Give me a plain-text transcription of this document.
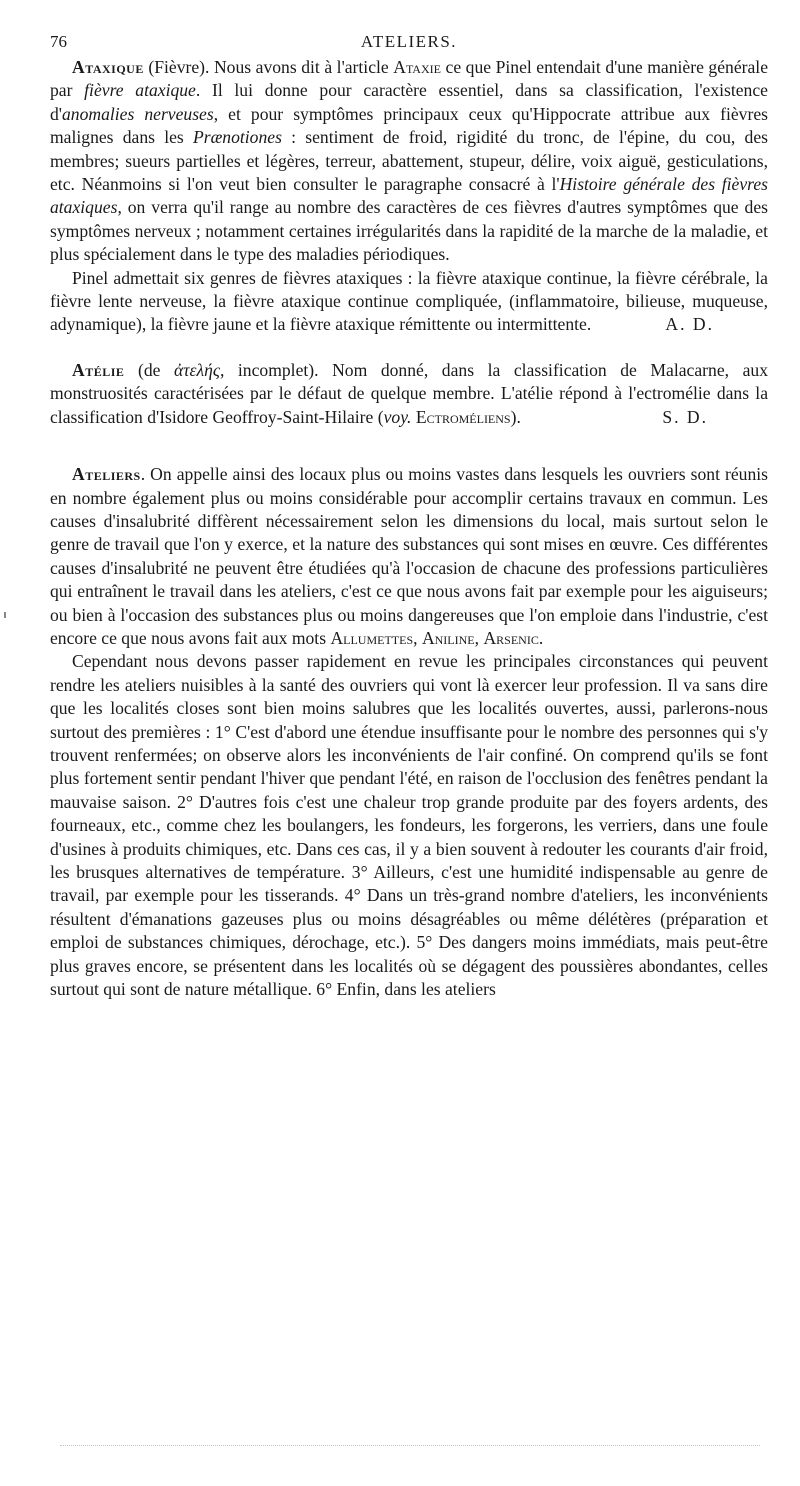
76	ATELIERS.

Ataxique (Fièvre). Nous avons dit à l'article Ataxie ce que Pinel entendait d'une manière générale par fièvre ataxique. Il lui donne pour caractère essentiel, dans sa classification, l'existence d'anomalies nerveuses, et pour symptômes principaux ceux qu'Hippocrate attribue aux fièvres malignes dans les Prænotiones : sentiment de froid, rigidité du tronc, de l'épine, du cou, des membres; sueurs partielles et légères, terreur, abattement, stupeur, délire, voix aiguë, gesticulations, etc. Néanmoins si l'on veut bien consulter le paragraphe consacré à l'Histoire générale des fièvres ataxiques, on verra qu'il range au nombre des caractères de ces fièvres d'autres symptômes que des symptômes nerveux ; notamment certaines irrégularités dans la rapidité de la marche de la maladie, et plus spécialement dans le type des maladies périodiques.

Pinel admettait six genres de fièvres ataxiques : la fièvre ataxique continue, la fièvre cérébrale, la fièvre lente nerveuse, la fièvre ataxique continue compliquée, (inflammatoire, bilieuse, muqueuse, adynamique), la fièvre jaune et la fièvre ataxique rémittente ou intermittente.	A. D.

Atélie (de ἀτελής, incomplet). Nom donné, dans la classification de Malacarne, aux monstruosités caractérisées par le défaut de quelque membre. L'atélie répond à l'ectromélie dans la classification d'Isidore Geoffroy-Saint-Hilaire (voy. Ectroméliens).	S. D.

Ateliers. On appelle ainsi des locaux plus ou moins vastes dans lesquels les ouvriers sont réunis en nombre également plus ou moins considérable pour accomplir certains travaux en commun. Les causes d'insalubrité diffèrent nécessairement selon les dimensions du local, mais surtout selon le genre de travail que l'on y exerce, et la nature des substances qui sont mises en œuvre. Ces différentes causes d'insalubrité ne peuvent être étudiées qu'à l'occasion de chacune des professions particulières qui entraînent le travail dans les ateliers, c'est ce que nous avons fait par exemple pour les aiguiseurs; ou bien à l'occasion des substances plus ou moins dangereuses que l'on emploie dans l'industrie, c'est encore ce que nous avons fait aux mots Allumettes, Aniline, Arsenic.

Cependant nous devons passer rapidement en revue les principales circonstances qui peuvent rendre les ateliers nuisibles à la santé des ouvriers qui vont là exercer leur profession. Il va sans dire que les localités closes sont bien moins salubres que les localités ouvertes, aussi, parlerons-nous surtout des premières : 1° C'est d'abord une étendue insuffisante pour le nombre des personnes qui s'y trouvent renfermées; on observe alors les inconvénients de l'air confiné. On comprend qu'ils se font plus fortement sentir pendant l'hiver que pendant l'été, en raison de l'occlusion des fenêtres pendant la mauvaise saison. 2° D'autres fois c'est une chaleur trop grande produite par des foyers ardents, des fourneaux, etc., comme chez les boulangers, les fondeurs, les forgerons, les verriers, dans une foule d'usines à produits chimiques, etc. Dans ces cas, il y a bien souvent à redouter les courants d'air froid, les brusques alternatives de température. 3° Ailleurs, c'est une humidité indispensable au genre de travail, par exemple pour les tisserands. 4° Dans un très-grand nombre d'ateliers, les inconvénients résultent d'émanations gazeuses plus ou moins désagréables ou même délétères (préparation et emploi de substances chimiques, dérochage, etc.). 5° Des dangers moins immédiats, mais peut-être plus graves encore, se présentent dans les localités où se dégagent des poussières abondantes, celles surtout qui sont de nature métallique. 6° Enfin, dans les ateliers
